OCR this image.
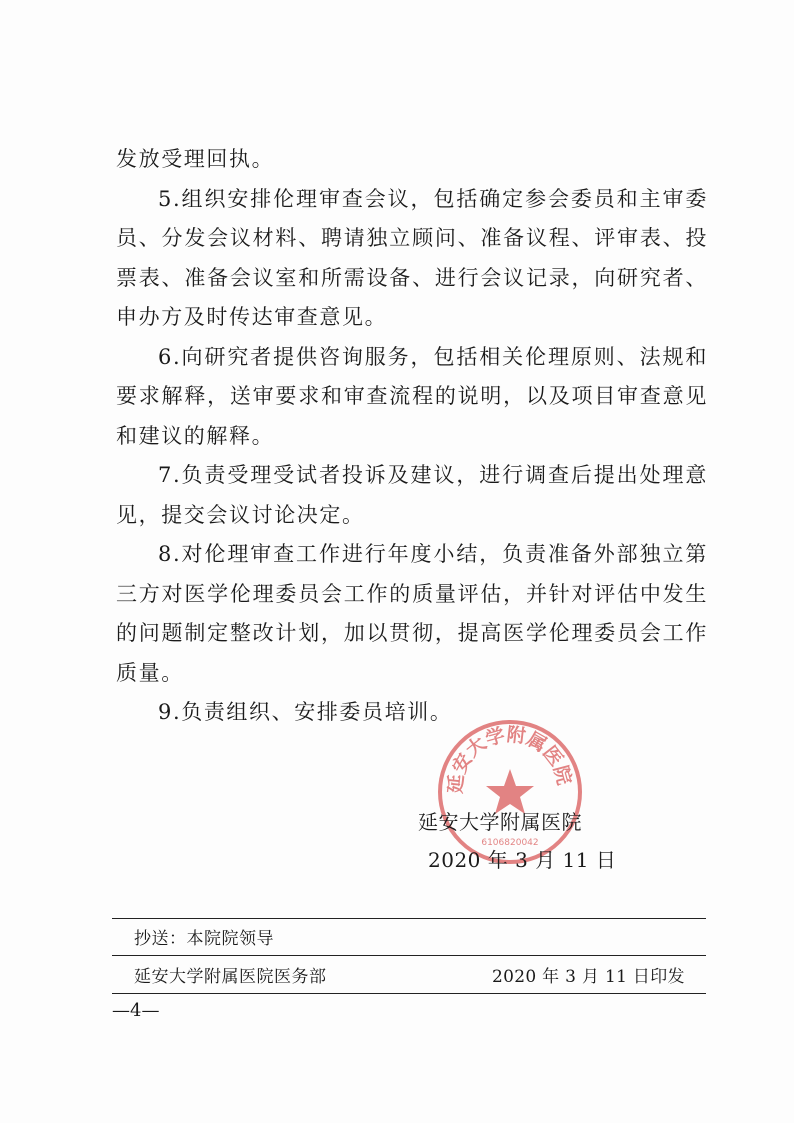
发放受理回执。
5.组织安排伦理审查会议，包括确定参会委员和主审委员、分发会议材料、聘请独立顾问、准备议程、评审表、投票表、准备会议室和所需设备、进行会议记录，向研究者、申办方及时传达审查意见。
6.向研究者提供咨询服务，包括相关伦理原则、法规和要求解释，送审要求和审查流程的说明，以及项目审查意见和建议的解释。
7.负责受理受试者投诉及建议，进行调查后提出处理意见，提交会议讨论决定。
8.对伦理审查工作进行年度小结，负责准备外部独立第三方对医学伦理委员会工作的质量评估，并针对评估中发生的问题制定整改计划，加以贯彻，提高医学伦理委员会工作质量。
9.负责组织、安排委员培训。
延安大学附属医院
6106820042
延安大学附属医院
2020 年 3 月 11 日
抄送：本院院领导
延安大学附属医院医务部	2020 年 3 月 11 日印发
—4—
